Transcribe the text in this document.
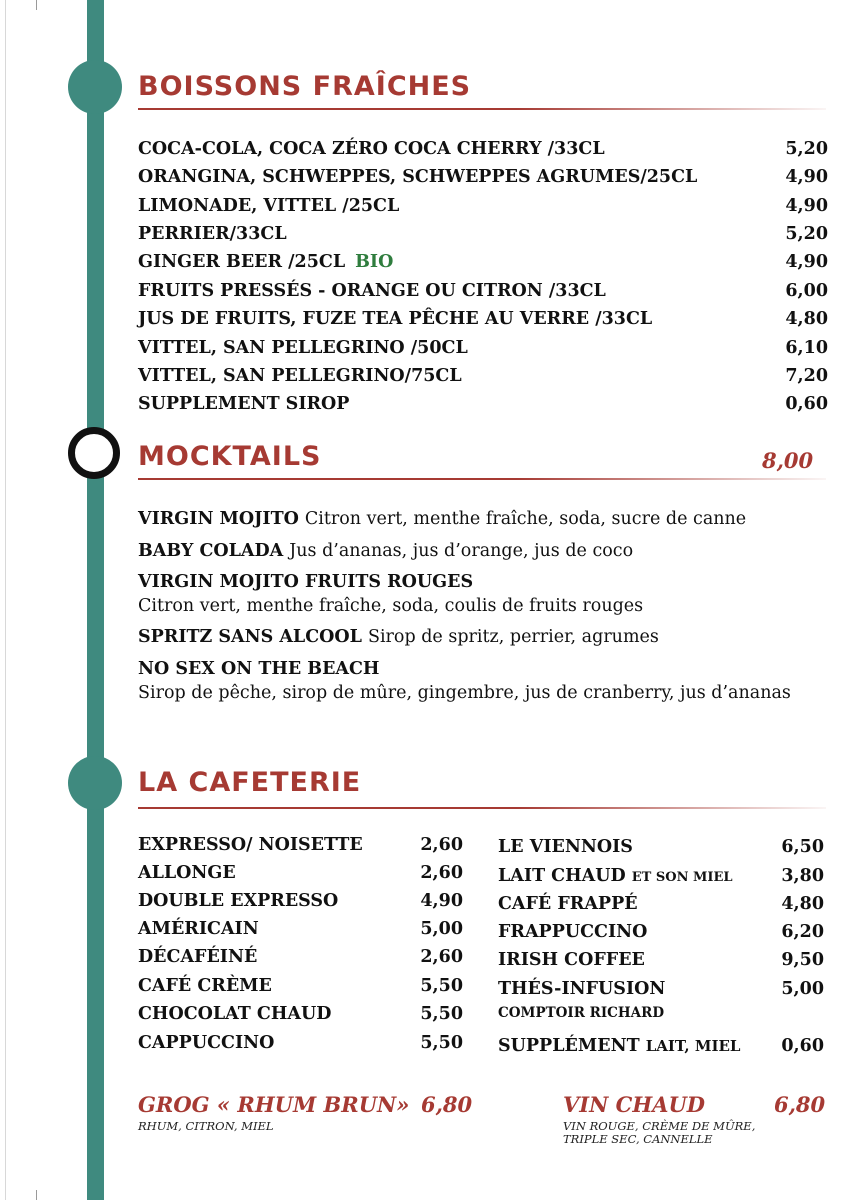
BOISSONS FRAÎCHES
COCA-COLA, COCA ZÉRO COCA CHERRY /33CL	5,20
ORANGINA, SCHWEPPES, SCHWEPPES AGRUMES/25CL	4,90
LIMONADE, VITTEL /25CL	4,90
PERRIER/33CL	5,20
GINGER BEER /25CL BIO	4,90
FRUITS PRESSÉS - ORANGE OU CITRON /33CL	6,00
JUS DE FRUITS, FUZE TEA PÊCHE AU VERRE /33CL	4,80
VITTEL, SAN PELLEGRINO /50CL	6,10
VITTEL, SAN PELLEGRINO/75CL	7,20
SUPPLEMENT SIROP	0,60
MOCKTAILS	8,00
VIRGIN MOJITO Citron vert, menthe fraîche, soda, sucre de canne
BABY COLADA Jus d’ananas, jus d’orange, jus de coco
VIRGIN MOJITO FRUITS ROUGES
Citron vert, menthe fraîche, soda, coulis de fruits rouges
SPRITZ SANS ALCOOL Sirop de spritz, perrier, agrumes
NO SEX ON THE BEACH
Sirop de pêche, sirop de mûre, gingembre, jus de cranberry, jus d’ananas
LA CAFETERIE
EXPRESSO/ NOISETTE	2,60
ALLONGE	2,60
DOUBLE EXPRESSO	4,90
AMÉRICAIN	5,00
DÉCAFÉINÉ	2,60
CAFÉ CRÈME	5,50
CHOCOLAT CHAUD	5,50
CAPPUCCINO	5,50
LE VIENNOIS	6,50
LAIT CHAUD ET SON MIEL	3,80
CAFÉ FRAPPÉ	4,80
FRAPPUCCINO	6,20
IRISH COFFEE	9,50
THÉS-INFUSION	5,00
COMPTOIR RICHARD
SUPPLÉMENT LAIT, MIEL 0,60
GROG « RHUM BRUN» 6,80
RHUM, CITRON, MIEL
VIN CHAUD	6,80
VIN ROUGE, CRÈME DE MÛRE,
TRIPLE SEC, CANNELLE
